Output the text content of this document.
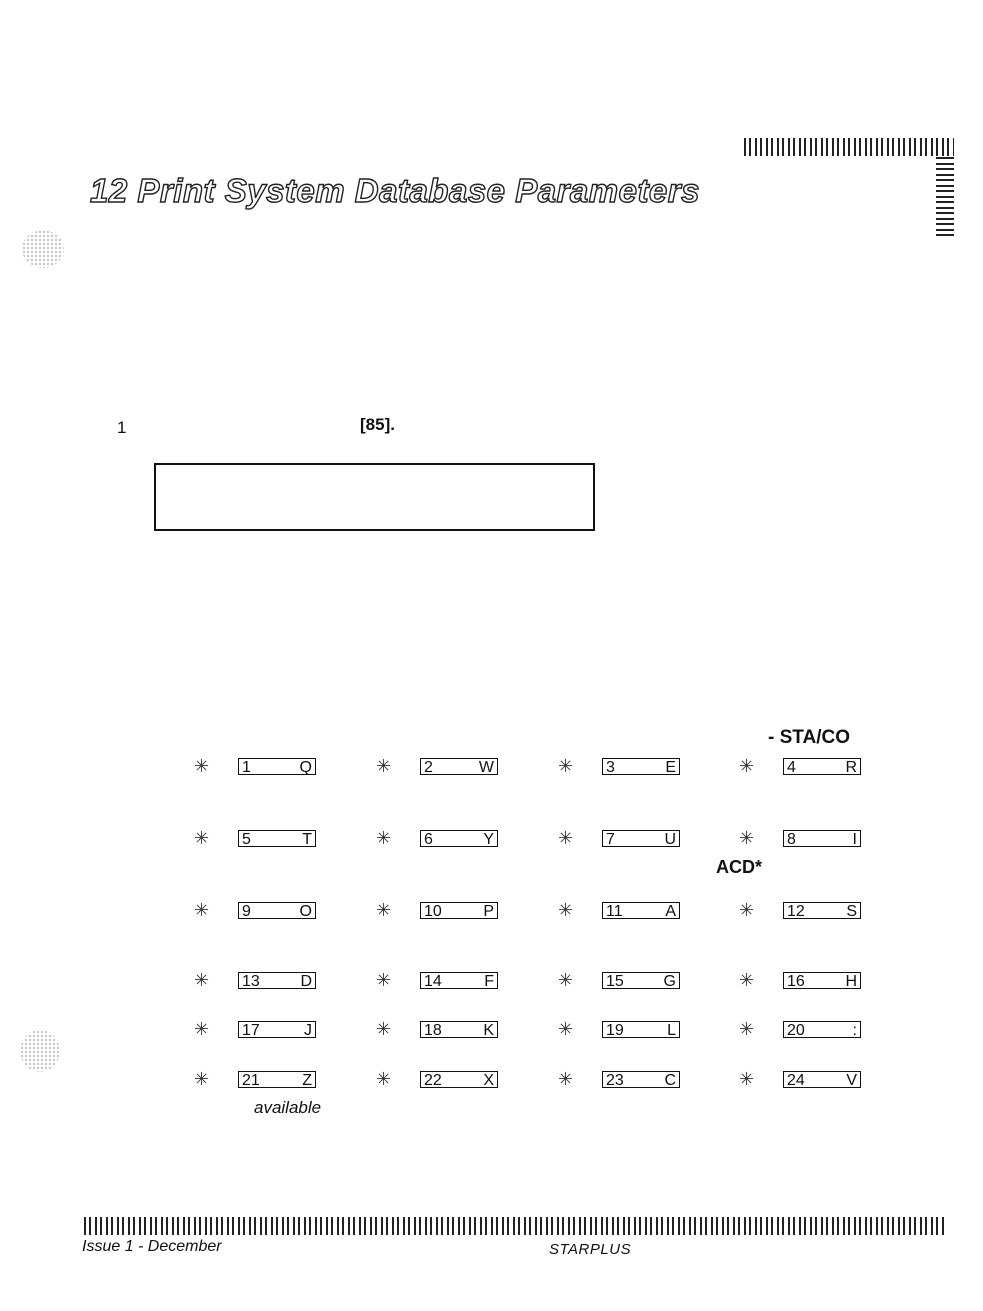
12 Print System Database Parameters
1	[85].
- STA/CO
ACD*
✳ 1	Q	✳ 2	W	✳ 3	E	✳ 4	R
✳ 5	T	✳ 6	Y	✳ 7	U	✳ 8	I
✳ 9	O	✳ 10	P	✳ 11	A	✳ 12	S
✳ 13	D	✳ 14	F	✳ 15 G	✳ 16	H
✳ 17	J	✳ 18	K	✳ 19	L	✳ 20	:
✳ 21	Z	✳ 22	X	✳ 23	C	✳ 24	V
available
Issue 1 - December	STARPLUS
